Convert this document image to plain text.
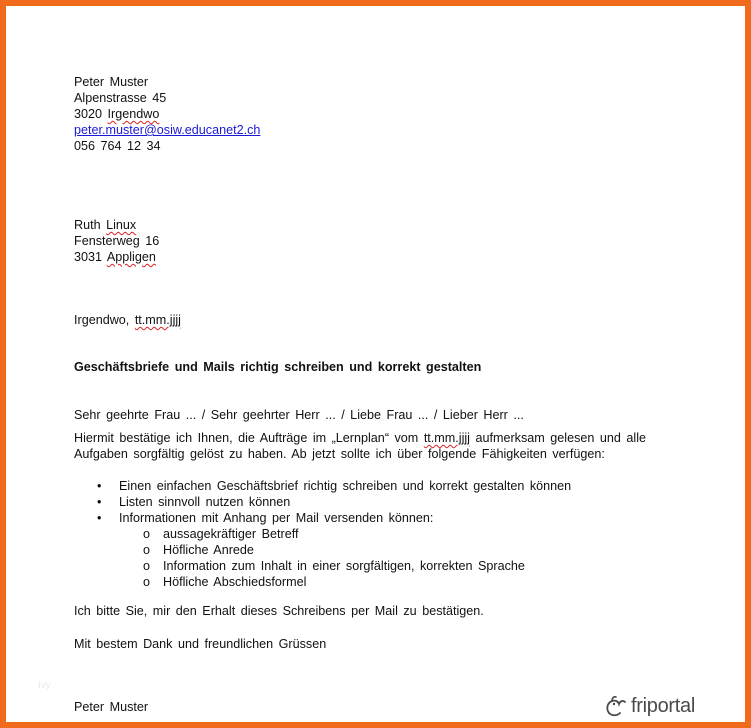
Peter Muster
Alpenstrasse 45
3020 Irgendwo
peter.muster@osiw.educanet2.ch
056 764 12 34
Ruth Linux
Fensterweg 16
3031 Appligen
Irgendwo, tt.mm.jjjj
Geschäftsbriefe und Mails richtig schreiben und korrekt gestalten
Sehr geehrte Frau ... / Sehr geehrter Herr ... / Liebe Frau ... / Lieber Herr ...
Hiermit bestätige ich Ihnen, die Aufträge im „Lernplan“ vom tt.mm.jjjj aufmerksam gelesen und alle
Aufgaben sorgfältig gelöst zu haben. Ab jetzt sollte ich über folgende Fähigkeiten verfügen:
• Einen einfachen Geschäftsbrief richtig schreiben und korrekt gestalten können
• Listen sinnvoll nutzen können
• Informationen mit Anhang per Mail versenden können:
o aussagekräftiger Betreff
o Höfliche Anrede
o Information zum Inhalt in einer sorgfältigen, korrekten Sprache
o Höfliche Abschiedsformel
Ich bitte Sie, mir den Erhalt dieses Schreibens per Mail zu bestätigen.
Mit bestem Dank und freundlichen Grüssen
Ivy
Peter Muster	friportal
